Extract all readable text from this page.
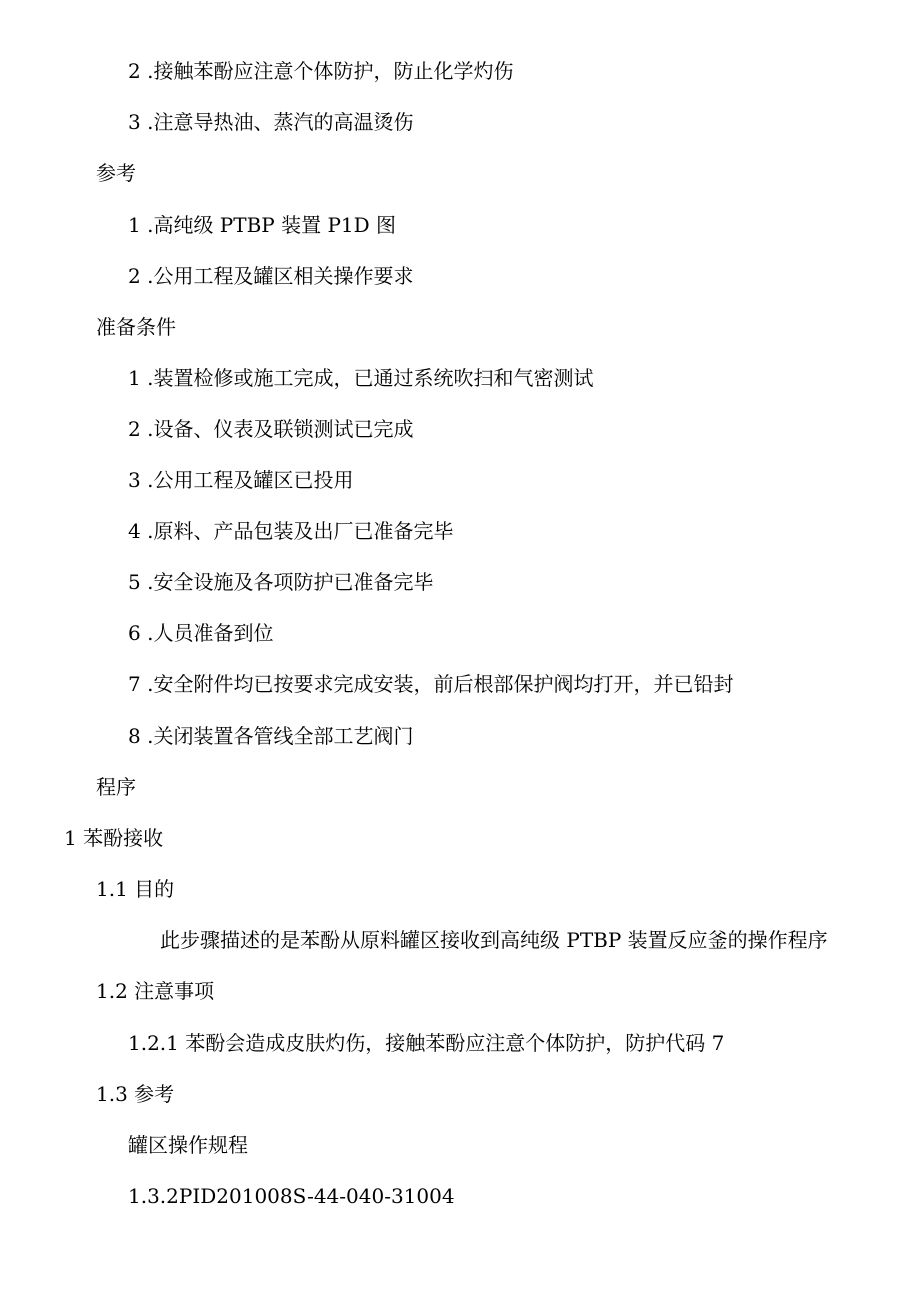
2 .接触苯酚应注意个体防护，防止化学灼伤
3 .注意导热油、蒸汽的高温烫伤
参考
1 .高纯级 PTBP 装置 P1D 图
2 .公用工程及罐区相关操作要求
准备条件
1 .装置检修或施工完成，已通过系统吹扫和气密测试
2 .设备、仪表及联锁测试已完成
3 .公用工程及罐区已投用
4 .原料、产品包装及出厂已准备完毕
5 .安全设施及各项防护已准备完毕
6 .人员准备到位
7 .安全附件均已按要求完成安装，前后根部保护阀均打开，并已铅封
8 .关闭装置各管线全部工艺阀门
程序
1 苯酚接收
1.1 目的
此步骤描述的是苯酚从原料罐区接收到高纯级 PTBP 装置反应釜的操作程序
1.2 注意事项
1.2.1 苯酚会造成皮肤灼伤，接触苯酚应注意个体防护，防护代码 7
1.3 参考
罐区操作规程
1.3.2PID201008S-44-040-31004
